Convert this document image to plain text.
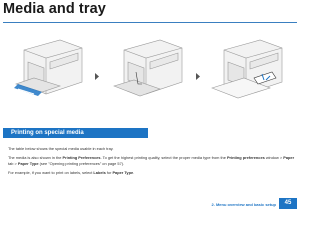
Media and tray
Printing on special media
The table below shows the special media usable in each tray.
The media is also shown in the Printing Preferences. To get the highest printing quality, select the proper media type from the Printing preferences window > Paper
tab > Paper Type (see "Opening printing preferences" on page 57).
For example, if you want to print on labels, select Labels for Paper Type.
2. Menu overview and basic setup	45
